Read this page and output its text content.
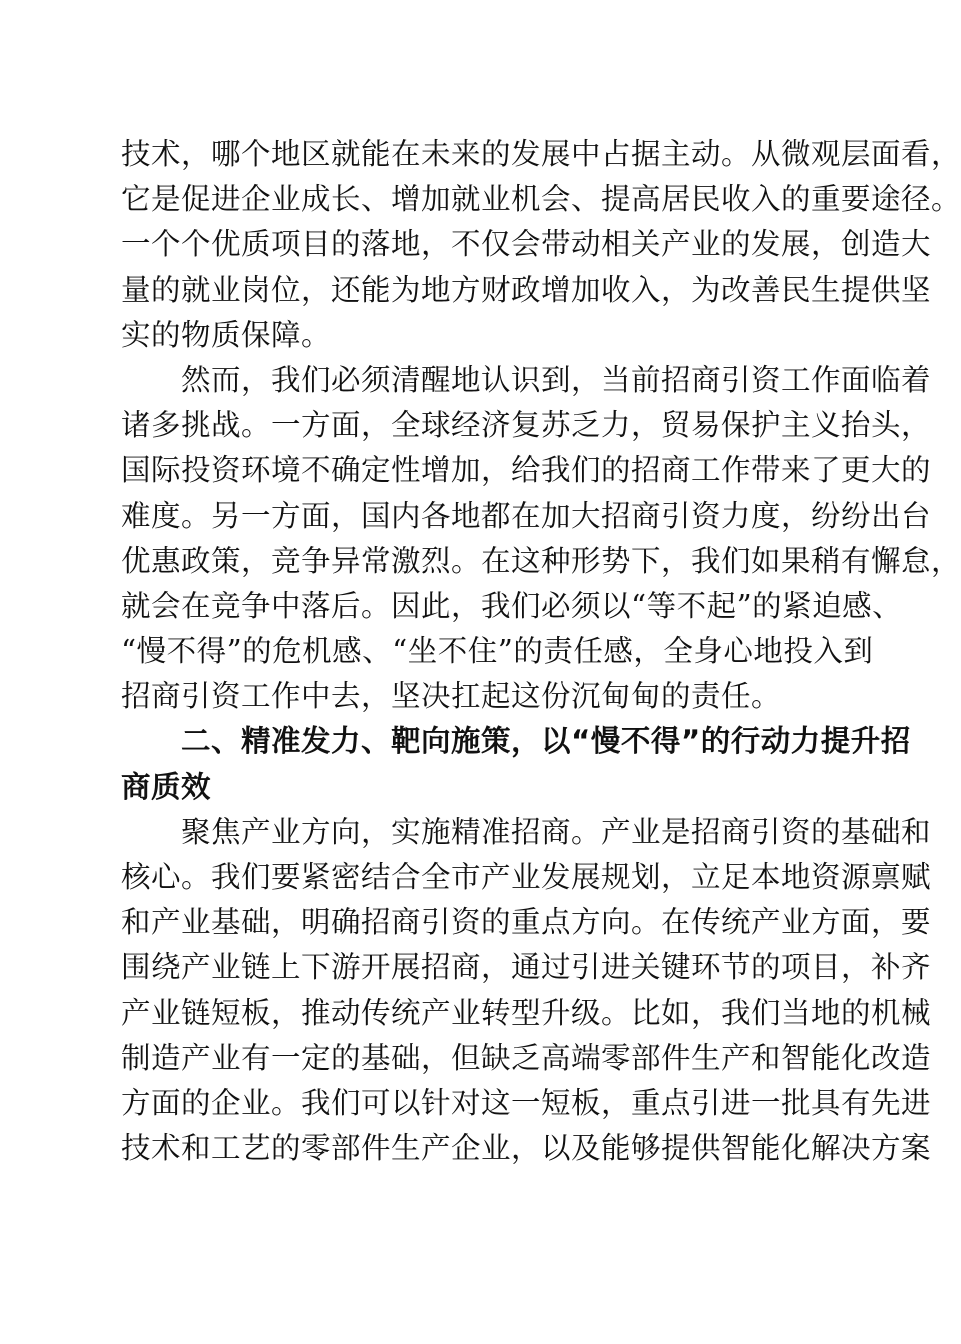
技术，哪个地区就能在未来的发展中占据主动。从微观层面看，
它是促进企业成长、增加就业机会、提高居民收入的重要途径。
一个个优质项目的落地，不仅会带动相关产业的发展，创造大
量的就业岗位，还能为地方财政增加收入，为改善民生提供坚
实的物质保障。
　　然而，我们必须清醒地认识到，当前招商引资工作面临着
诸多挑战。一方面，全球经济复苏乏力，贸易保护主义抬头，
国际投资环境不确定性增加，给我们的招商工作带来了更大的
难度。另一方面，国内各地都在加大招商引资力度，纷纷出台
优惠政策，竞争异常激烈。在这种形势下，我们如果稍有懈怠，
就会在竞争中落后。因此，我们必须以“等不起”的紧迫感、
“慢不得”的危机感、“坐不住”的责任感，全身心地投入到
招商引资工作中去，坚决扛起这份沉甸甸的责任。
　　二、精准发力、靶向施策，以“慢不得”的行动力提升招
商质效
　　聚焦产业方向，实施精准招商。产业是招商引资的基础和
核心。我们要紧密结合全市产业发展规划，立足本地资源禀赋
和产业基础，明确招商引资的重点方向。在传统产业方面，要
围绕产业链上下游开展招商，通过引进关键环节的项目，补齐
产业链短板，推动传统产业转型升级。比如，我们当地的机械
制造产业有一定的基础，但缺乏高端零部件生产和智能化改造
方面的企业。我们可以针对这一短板，重点引进一批具有先进
技术和工艺的零部件生产企业，以及能够提供智能化解决方案
